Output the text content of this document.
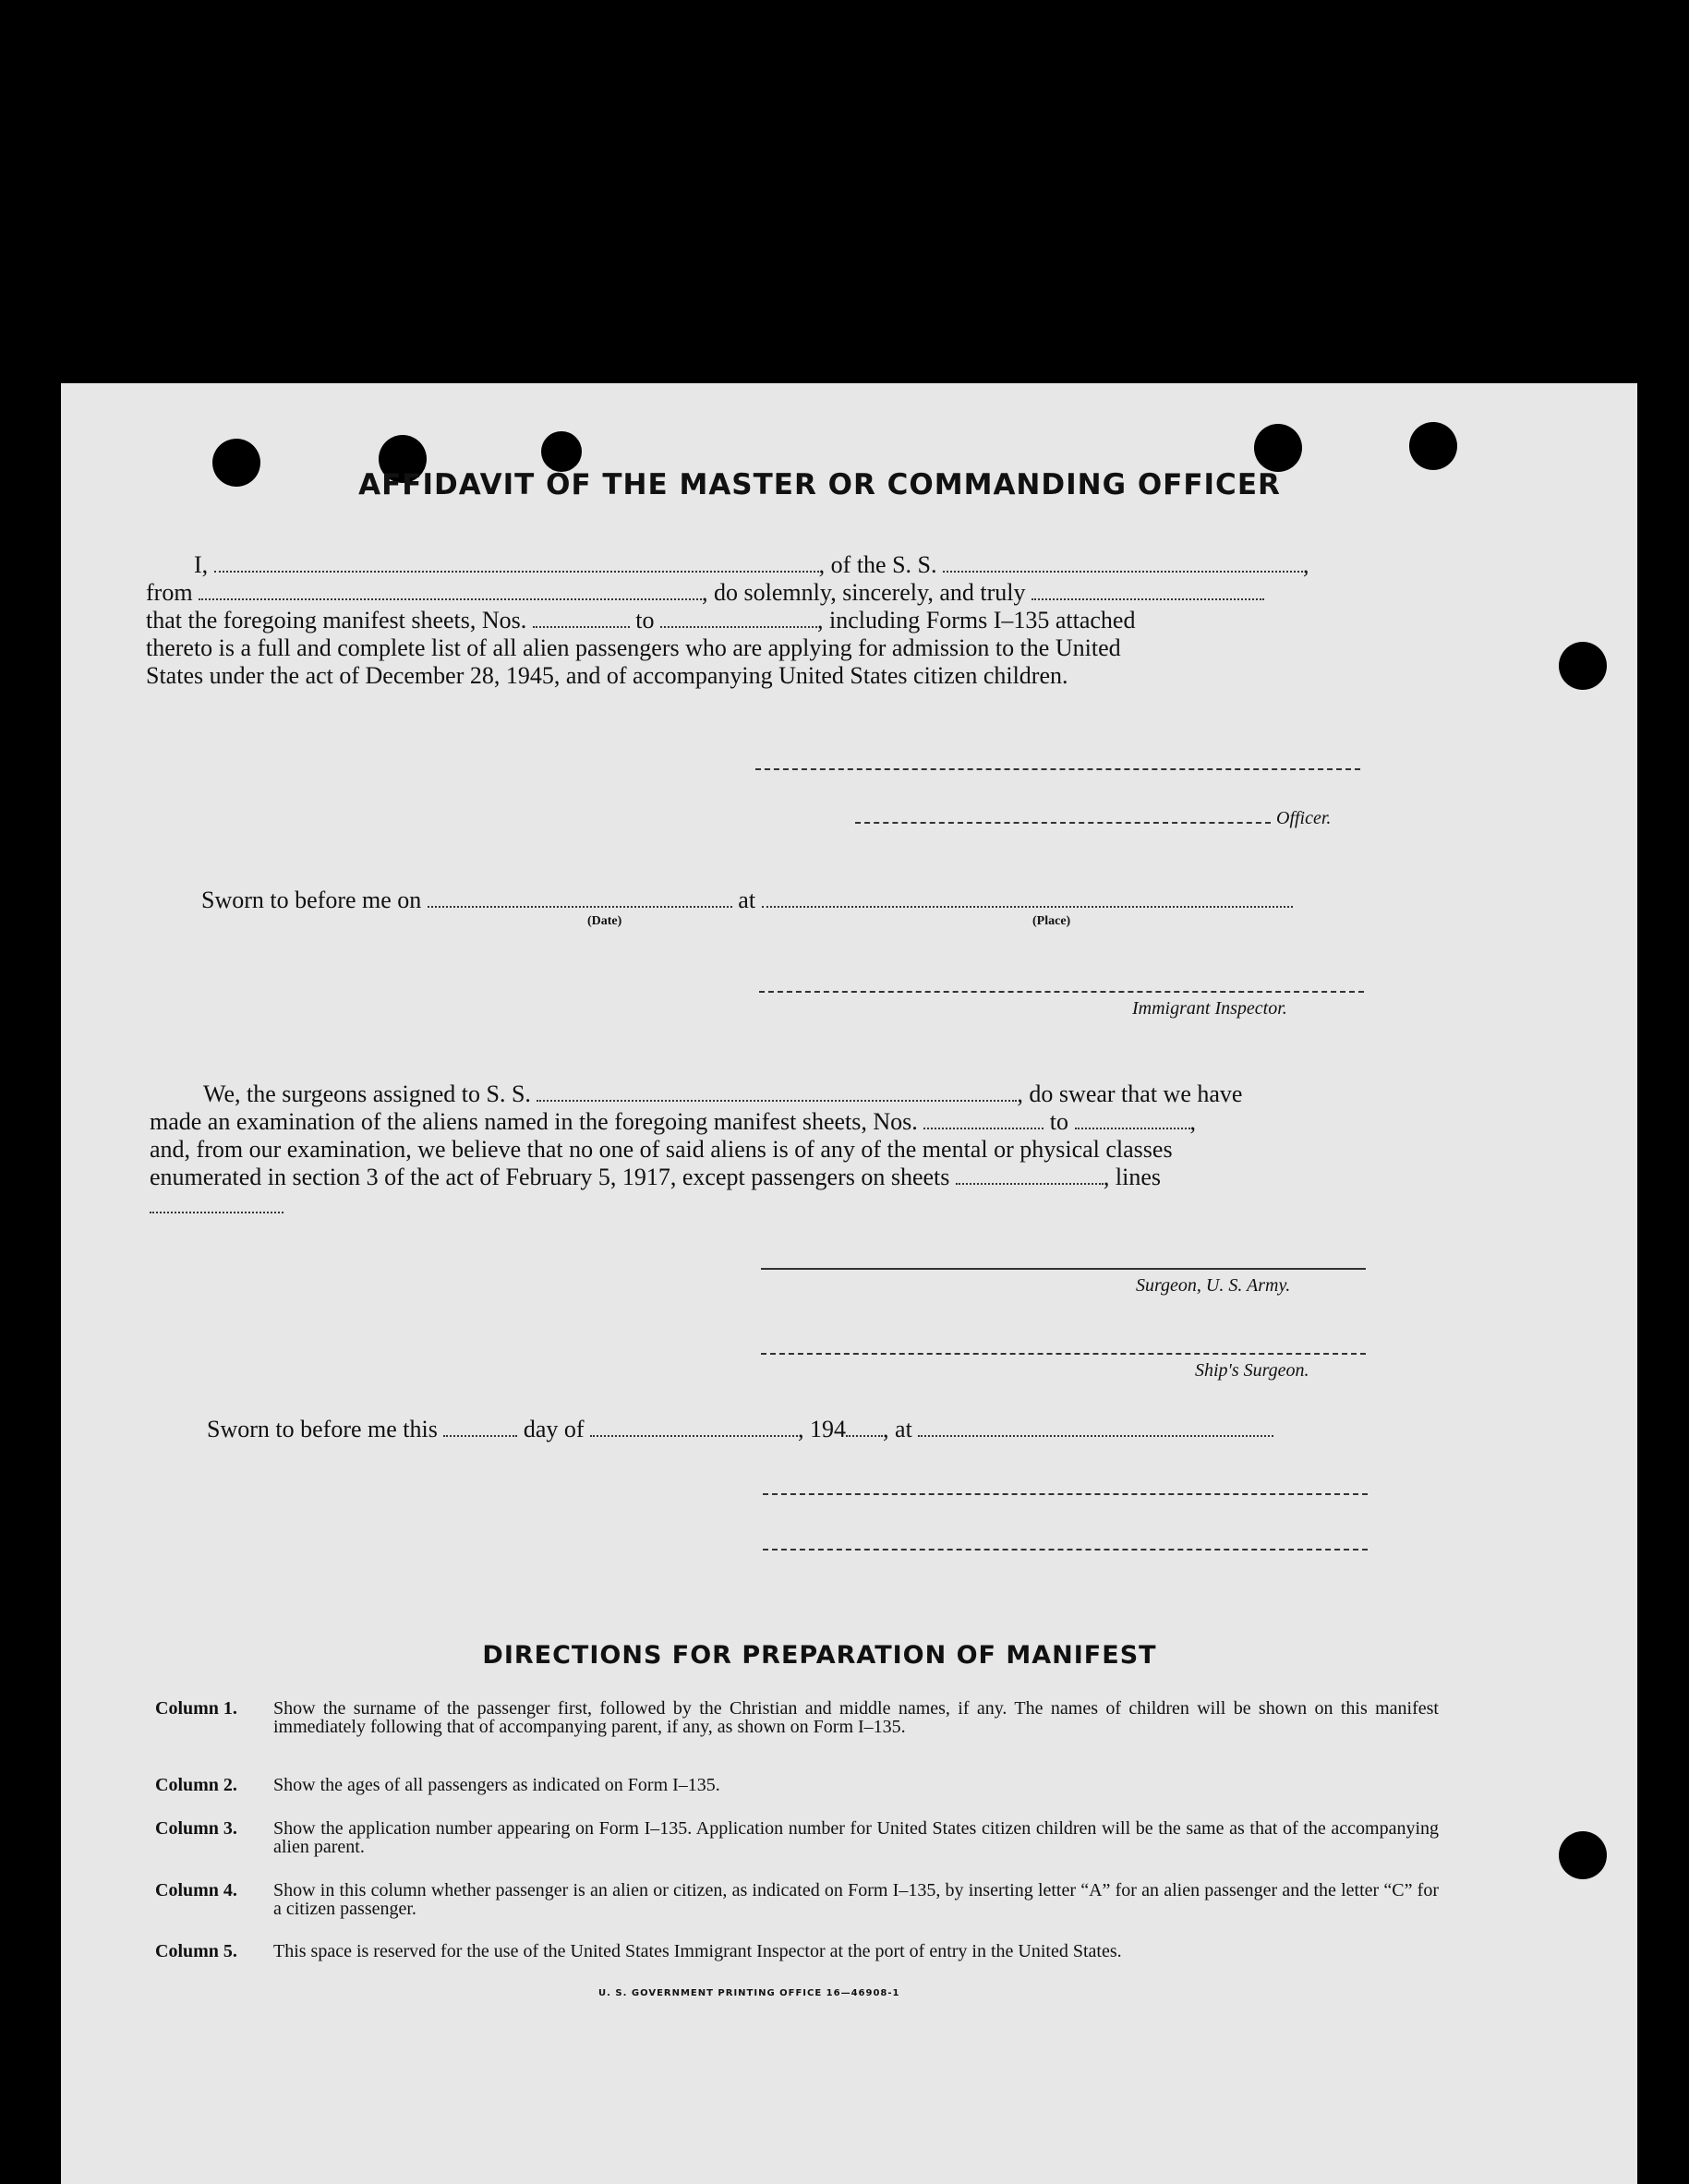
AFFIDAVIT OF THE MASTER OR COMMANDING OFFICER
I,	, of the S. S.	,
from	, do solemnly, sincerely, and truly
that the foregoing manifest sheets, Nos.	to	, including Forms I–135 attached
thereto is a full and complete list of all alien passengers who are applying for admission to the United
States under the act of December 28, 1945, and of accompanying United States citizen children.
Officer.
Sworn to before me on	at
(Date)	(Place)
Immigrant Inspector.
We, the surgeons assigned to S. S.	, do swear that we have
made an examination of the aliens named in the foregoing manifest sheets, Nos.	to	,
and, from our examination, we believe that no one of said aliens is of any of the mental or physical classes
enumerated in section 3 of the act of February 5, 1917, except passengers on sheets	, lines
Surgeon, U. S. Army.
Ship's Surgeon.
Sworn to before me this	day of	, 194 , at
DIRECTIONS FOR PREPARATION OF MANIFEST
Column 1.	Show the surname of the passenger first, followed by the Christian and middle names, if any. The names of children will be shown on this manifest immediately following that of accompanying parent, if any, as shown on Form I–135.
Column 2.	Show the ages of all passengers as indicated on Form I–135.
Column 3.	Show the application number appearing on Form I–135. Application number for United States citizen children will be the same as that of the accompanying alien parent.
Column 4.	Show in this column whether passenger is an alien or citizen, as indicated on Form I–135, by inserting letter “A” for an alien passenger and the letter “C” for a citizen passenger.
Column 5.	This space is reserved for the use of the United States Immigrant Inspector at the port of entry in the United States.
U. S. GOVERNMENT PRINTING OFFICE 16—46908-1
